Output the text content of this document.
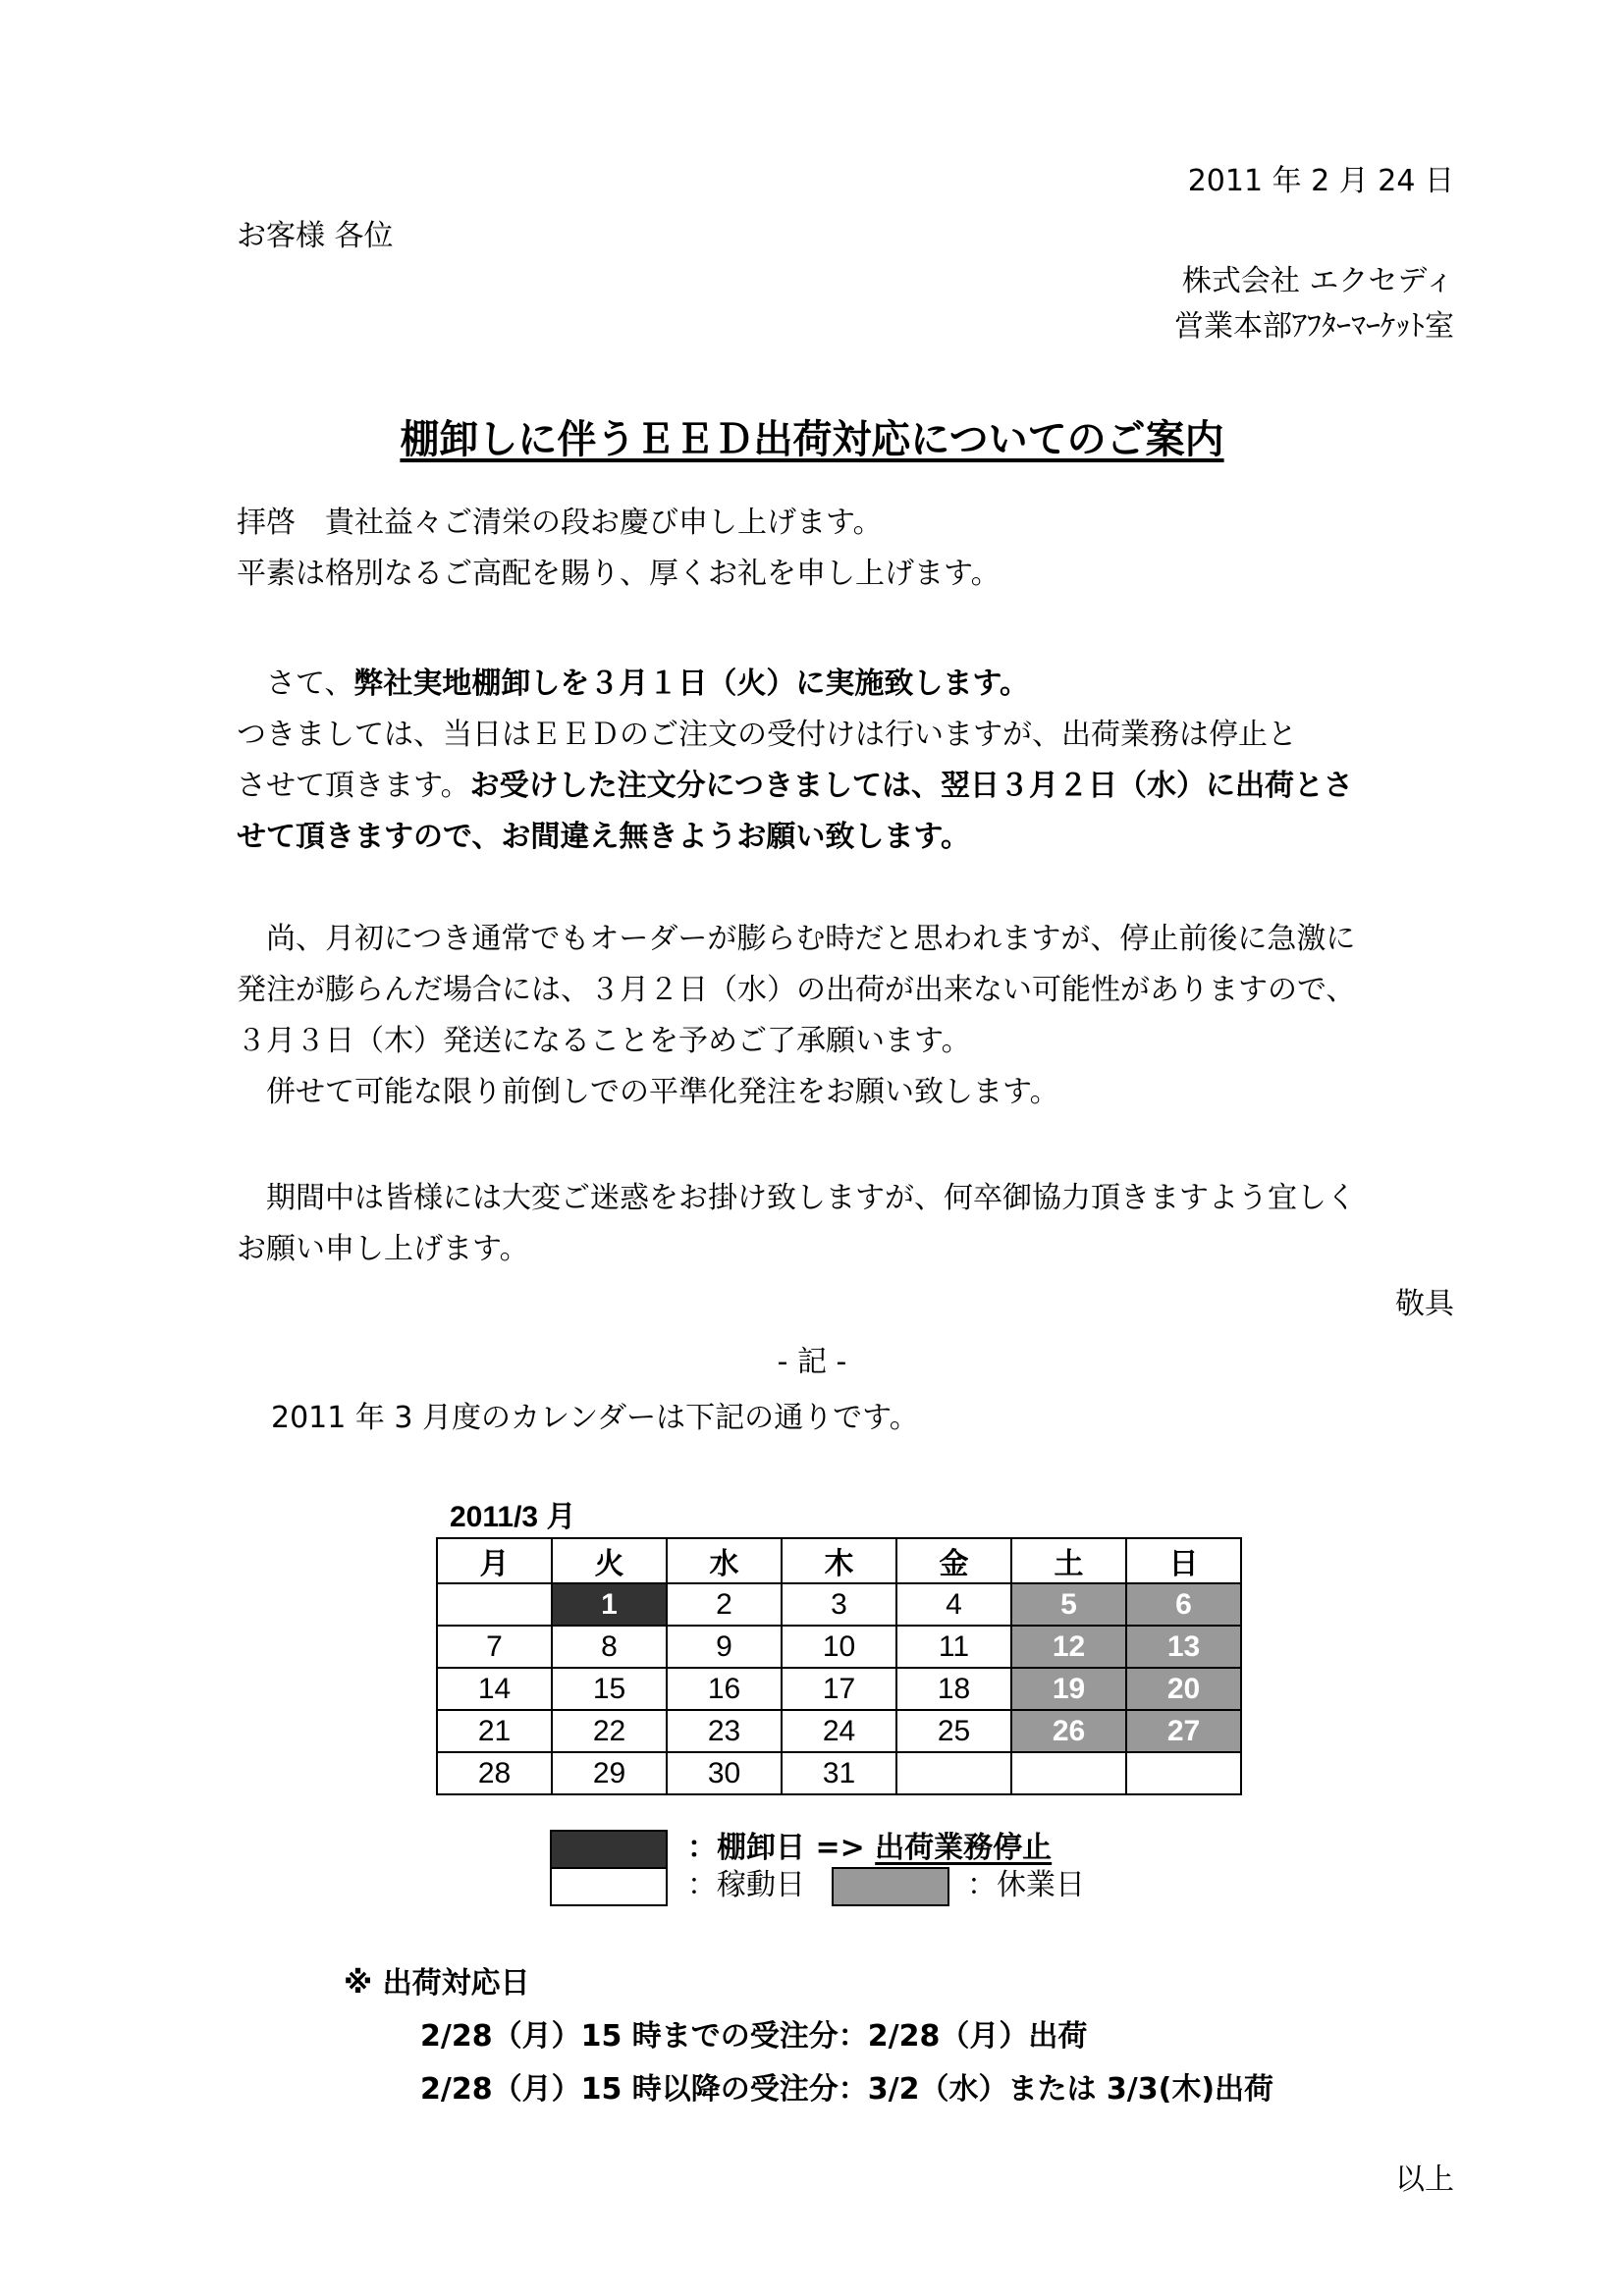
2011 年 2 月 24 日
お客様 各位
株式会社 エクセディ
営業本部ｱﾌﾀｰﾏｰｹｯﾄ室
棚卸しに伴うＥＥＤ出荷対応についてのご案内
拝啓　貴社益々ご清栄の段お慶び申し上げます。
平素は格別なるご高配を賜り、厚くお礼を申し上げます。
　さて、弊社実地棚卸しを３月１日（火）に実施致します。
つきましては、当日はＥＥＤのご注文の受付けは行いますが、出荷業務は停止と
させて頂きます。お受けした注文分につきましては、翌日３月２日（水）に出荷とさ
せて頂きますので、お間違え無きようお願い致します。
　尚、月初につき通常でもオーダーが膨らむ時だと思われますが、停止前後に急激に
発注が膨らんだ場合には、３月２日（水）の出荷が出来ない可能性がありますので、
３月３日（木）発送になることを予めご了承願います。
　併せて可能な限り前倒しでの平準化発注をお願い致します。
　期間中は皆様には大変ご迷惑をお掛け致しますが、何卒御協力頂きますよう宜しく
お願い申し上げます。
敬具
- 記 -
2011 年 3 月度のカレンダーは下記の通りです。
2011/3 月
月	火	水	木	金	土	日
	1	2	3	4	5	6
7	8	9	10	11	12	13
14	15	16	17	18	19	20
21	22	23	24	25	26	27
28	29	30	31			
：棚卸日 => 出荷業務停止
：稼動日	：休業日
※ 出荷対応日
2/28（月）15 時までの受注分：2/28（月）出荷
2/28（月）15 時以降の受注分：3/2（水）または 3/3(木)出荷
以上
